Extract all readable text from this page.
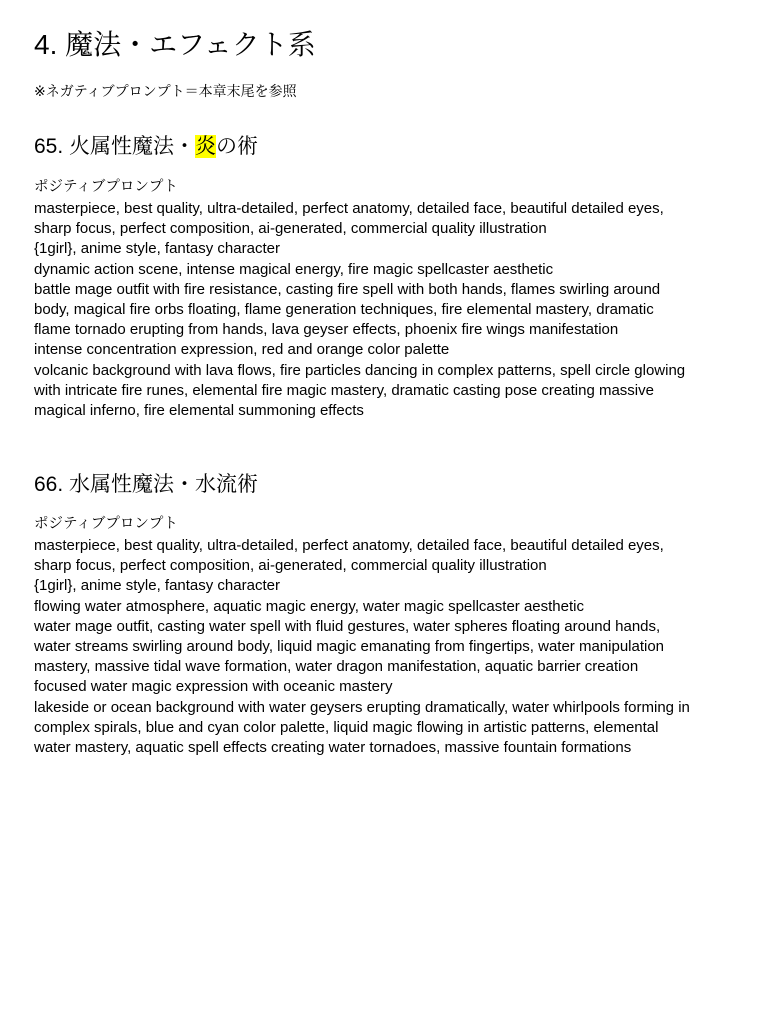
4. 魔法・エフェクト系
※ネガティブプロンプト＝本章末尾を参照
65. 火属性魔法・炎の術
ポジティブプロンプト
masterpiece, best quality, ultra-detailed, perfect anatomy, detailed face, beautiful detailed eyes,
sharp focus, perfect composition, ai-generated, commercial quality illustration
{1girl}, anime style, fantasy character
dynamic action scene, intense magical energy, fire magic spellcaster aesthetic
battle mage outfit with fire resistance, casting fire spell with both hands, flames swirling around
body, magical fire orbs floating, flame generation techniques, fire elemental mastery, dramatic
flame tornado erupting from hands, lava geyser effects, phoenix fire wings manifestation
intense concentration expression, red and orange color palette
volcanic background with lava flows, fire particles dancing in complex patterns, spell circle glowing
with intricate fire runes, elemental fire magic mastery, dramatic casting pose creating massive
magical inferno, fire elemental summoning effects
66. 水属性魔法・水流術
ポジティブプロンプト
masterpiece, best quality, ultra-detailed, perfect anatomy, detailed face, beautiful detailed eyes,
sharp focus, perfect composition, ai-generated, commercial quality illustration
{1girl}, anime style, fantasy character
flowing water atmosphere, aquatic magic energy, water magic spellcaster aesthetic
water mage outfit, casting water spell with fluid gestures, water spheres floating around hands,
water streams swirling around body, liquid magic emanating from fingertips, water manipulation
mastery, massive tidal wave formation, water dragon manifestation, aquatic barrier creation
focused water magic expression with oceanic mastery
lakeside or ocean background with water geysers erupting dramatically, water whirlpools forming in
complex spirals, blue and cyan color palette, liquid magic flowing in artistic patterns, elemental
water mastery, aquatic spell effects creating water tornadoes, massive fountain formations
